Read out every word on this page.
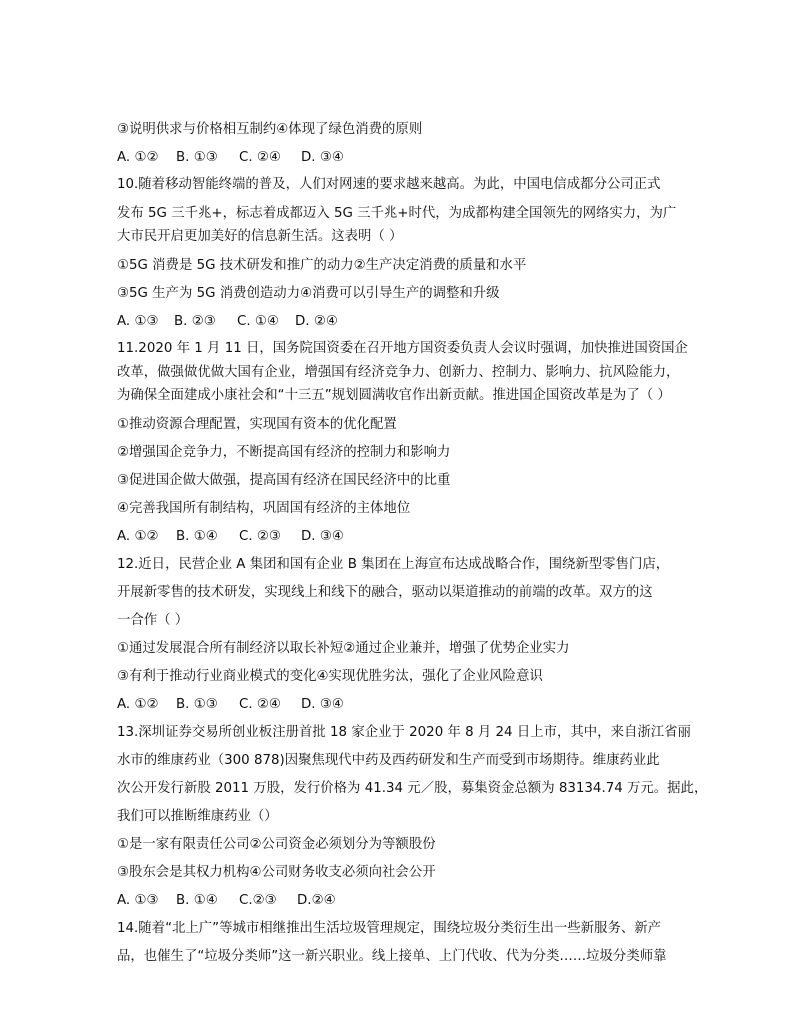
③说明供求与价格相互制约④体现了绿色消费的原则
A. ①② B. ①③ C. ②④ D. ③④
10.随着移动智能终端的普及，人们对网速的要求越来越高。为此，中国电信成都分公司正式
发布 5G 三千兆+，标志着成都迈入 5G 三千兆+时代，为成都构建全国领先的网络实力，为广
大市民开启更加美好的信息新生活。这表明（ ）
①5G 消费是 5G 技术研发和推广的动力②生产决定消费的质量和水平
③5G 生产为 5G 消费创造动力④消费可以引导生产的调整和升级
A. ①③ B. ②③ C. ①④ D. ②④
11.2020 年 1 月 11 日，国务院国资委在召开地方国资委负责人会议时强调，加快推进国资国企
改革，做强做优做大国有企业，增强国有经济竞争力、创新力、控制力、影响力、抗风险能力，
为确保全面建成小康社会和“十三五”规划圆满收官作出新贡献。推进国企国资改革是为了（ ）
①推动资源合理配置，实现国有资本的优化配置
②增强国企竞争力，不断提高国有经济的控制力和影响力
③促进国企做大做强，提高国有经济在国民经济中的比重
④完善我国所有制结构，巩固国有经济的主体地位
A. ①② B. ①④ C. ②③ D. ③④
12.近日，民营企业 A 集团和国有企业 B 集团在上海宣布达成战略合作，围绕新型零售门店，
开展新零售的技术研发，实现线上和线下的融合，驱动以渠道推动的前端的改革。双方的这
一合作（ ）
①通过发展混合所有制经济以取长补短②通过企业兼并，增强了优势企业实力
③有利于推动行业商业模式的变化④实现优胜劣汰，强化了企业风险意识
A. ①② B. ①③ C. ②④ D. ③④
13.深圳证券交易所创业板注册首批 18 家企业于 2020 年 8 月 24 日上市，其中，来自浙江省丽
水市的维康药业（300 878)因聚焦现代中药及西药研发和生产而受到市场期待。维康药业此
次公开发行新股 2011 万股，发行价格为 41.34 元／股，募集资金总额为 83134.74 万元。据此，
我们可以推断维康药业（）
①是一家有限责任公司②公司资金必须划分为等额股份
③股东会是其权力机构④公司财务收支必须向社会公开
A. ①③ B. ①④ C.②③ D.②④
14.随着“北上广”等城市相继推出生活垃圾管理规定，围绕垃圾分类衍生出一些新服务、新产
品，也催生了“垃圾分类师”这一新兴职业。线上接单、上门代收、代为分类……垃圾分类师靠
